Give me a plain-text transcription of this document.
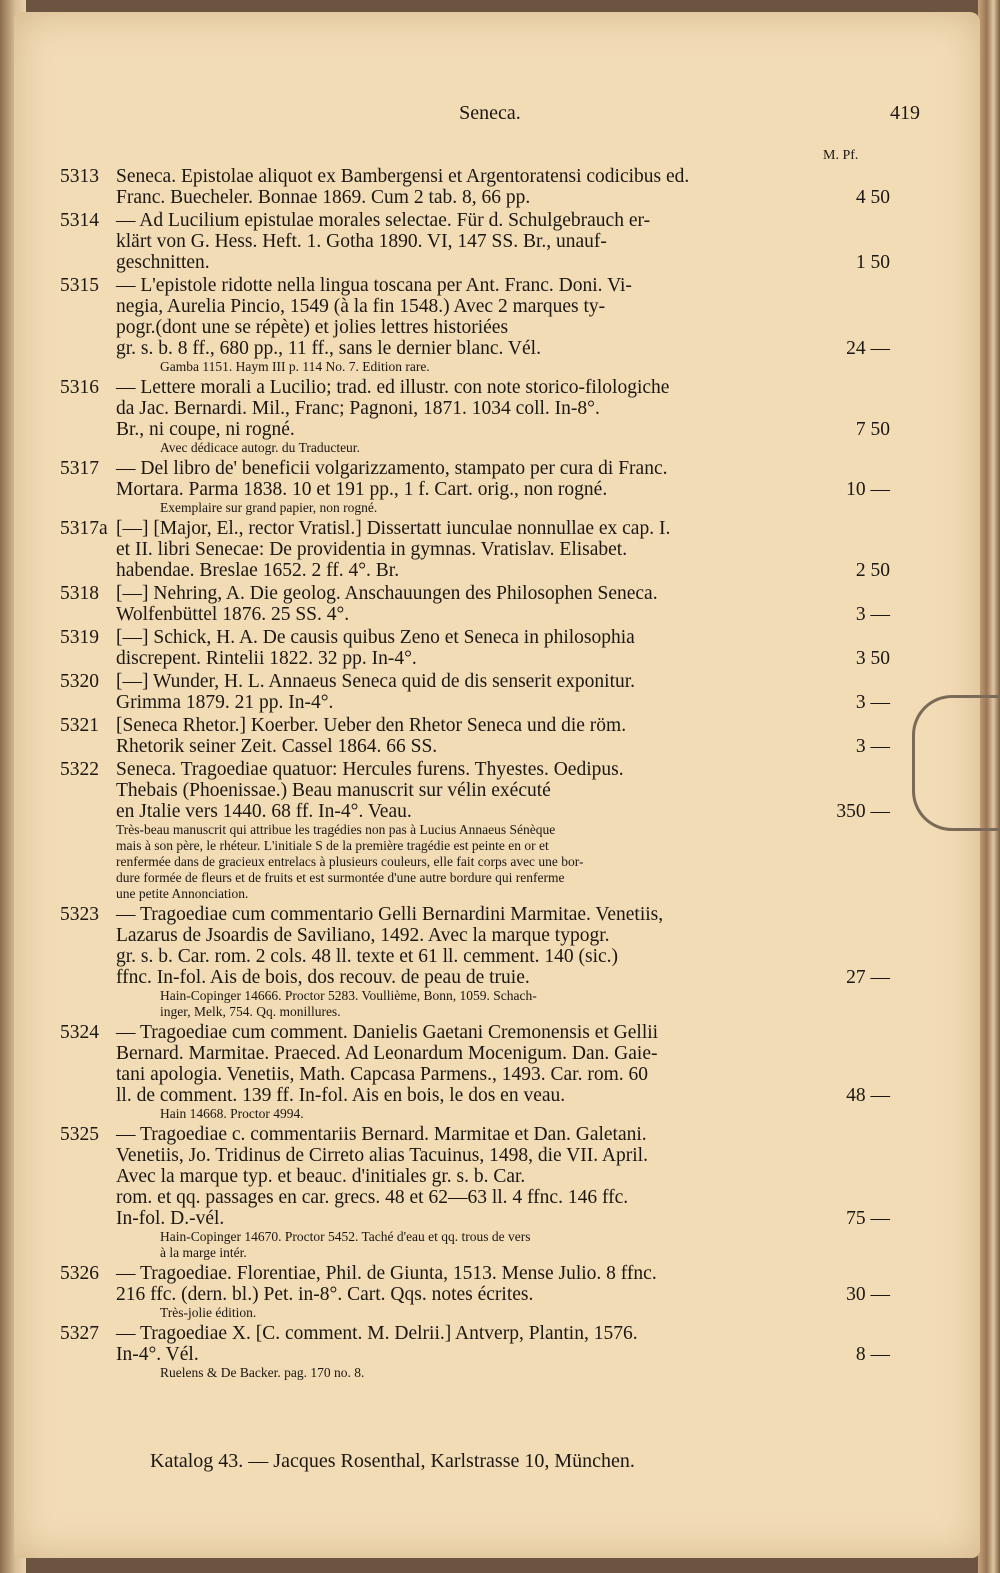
Seneca.	419
M. Pf.
5313 Seneca. Epistolae aliquot ex Bambergensi et Argentoratensi codicibus ed.
Franc. Buecheler. Bonnae 1869. Cum 2 tab. 8, 66 pp.	4 50
5314 — Ad Lucilium epistulae morales selectae. Für d. Schulgebrauch er-
klärt von G. Hess. Heft. 1. Gotha 1890. VI, 147 SS. Br., unauf-
geschnitten.	1 50
5315 — L'epistole ridotte nella lingua toscana per Ant. Franc. Doni. Vi-
negia, Aurelia Pincio, 1549 (à la fin 1548.) Avec 2 marques ty-
pogr.(dont une se répète) et jolies lettres historiées
gr. s. b. 8 ff., 680 pp., 11 ff., sans le dernier blanc. Vél.	24 —
Gamba 1151. Haym III p. 114 No. 7. Edition rare.
5316 — Lettere morali a Lucilio; trad. ed illustr. con note storico-filologiche
da Jac. Bernardi. Mil., Franc; Pagnoni, 1871. 1034 coll. In-8°.
Br., ni coupe, ni rogné.	7 50
Avec dédicace autogr. du Traducteur.
5317 — Del libro de' beneficii volgarizzamento, stampato per cura di Franc.
Mortara. Parma 1838. 10 et 191 pp., 1 f. Cart. orig., non rogné.	10 —
Exemplaire sur grand papier, non rogné.
5317a [—] [Major, El., rector Vratisl.] Dissertatt iunculae nonnullae ex cap. I.
et II. libri Senecae: De providentia in gymnas. Vratislav. Elisabet.
habendae. Breslae 1652. 2 ff. 4°. Br.	2 50
5318 [—] Nehring, A. Die geolog. Anschauungen des Philosophen Seneca.
Wolfenbüttel 1876. 25 SS. 4°.	3 —
5319 [—] Schick, H. A. De causis quibus Zeno et Seneca in philosophia
discrepent. Rintelii 1822. 32 pp. In-4°.	3 50
5320 [—] Wunder, H. L. Annaeus Seneca quid de dis senserit exponitur.
Grimma 1879. 21 pp. In-4°.	3 —
5321 [Seneca Rhetor.] Koerber. Ueber den Rhetor Seneca und die röm.
Rhetorik seiner Zeit. Cassel 1864. 66 SS.	3 —
5322 Seneca. Tragoediae quatuor: Hercules furens. Thyestes. Oedipus.
Thebais (Phoenissae.) Beau manuscrit sur vélin exécuté
en Jtalie vers 1440. 68 ff. In-4°. Veau.	350 —
Très-beau manuscrit qui attribue les tragédies non pas à Lucius Annaeus Sénèque
mais à son père, le rhéteur. L'initiale S de la première tragédie est peinte en or et
renfermée dans de gracieux entrelacs à plusieurs couleurs, elle fait corps avec une bor-
dure formée de fleurs et de fruits et est surmontée d'une autre bordure qui renferme
une petite Annonciation.
5323 — Tragoediae cum commentario Gelli Bernardini Marmitae. Venetiis,
Lazarus de Jsoardis de Saviliano, 1492. Avec la marque typogr.
gr. s. b. Car. rom. 2 cols. 48 ll. texte et 61 ll. cemment. 140 (sic.)
ffnc. In-fol. Ais de bois, dos recouv. de peau de truie.	27 —
Hain-Copinger 14666. Proctor 5283. Voullième, Bonn, 1059. Schach-
inger, Melk, 754. Qq. monillures.
5324 — Tragoediae cum comment. Danielis Gaetani Cremonensis et Gellii
Bernard. Marmitae. Praeced. Ad Leonardum Mocenigum. Dan. Gaie-
tani apologia. Venetiis, Math. Capcasa Parmens., 1493. Car. rom. 60
ll. de comment. 139 ff. In-fol. Ais en bois, le dos en veau.	48 —
Hain 14668. Proctor 4994.
5325 — Tragoediae c. commentariis Bernard. Marmitae et Dan. Galetani.
Venetiis, Jo. Tridinus de Cirreto alias Tacuinus, 1498, die VII. April.
Avec la marque typ. et beauc. d'initiales gr. s. b. Car.
rom. et qq. passages en car. grecs. 48 et 62—63 ll. 4 ffnc. 146 ffc.
In-fol. D.-vél.	75 —
Hain-Copinger 14670. Proctor 5452. Taché d'eau et qq. trous de vers
à la marge intér.
5326 — Tragoediae. Florentiae, Phil. de Giunta, 1513. Mense Julio. 8 ffnc.
216 ffc. (dern. bl.) Pet. in-8°. Cart. Qqs. notes écrites.	30 —
Très-jolie édition.
5327 — Tragoediae X. [C. comment. M. Delrii.] Antverp, Plantin, 1576.
In-4°. Vél.	8 —
Ruelens & De Backer. pag. 170 no. 8.
Katalog 43. — Jacques Rosenthal, Karlstrasse 10, München.
